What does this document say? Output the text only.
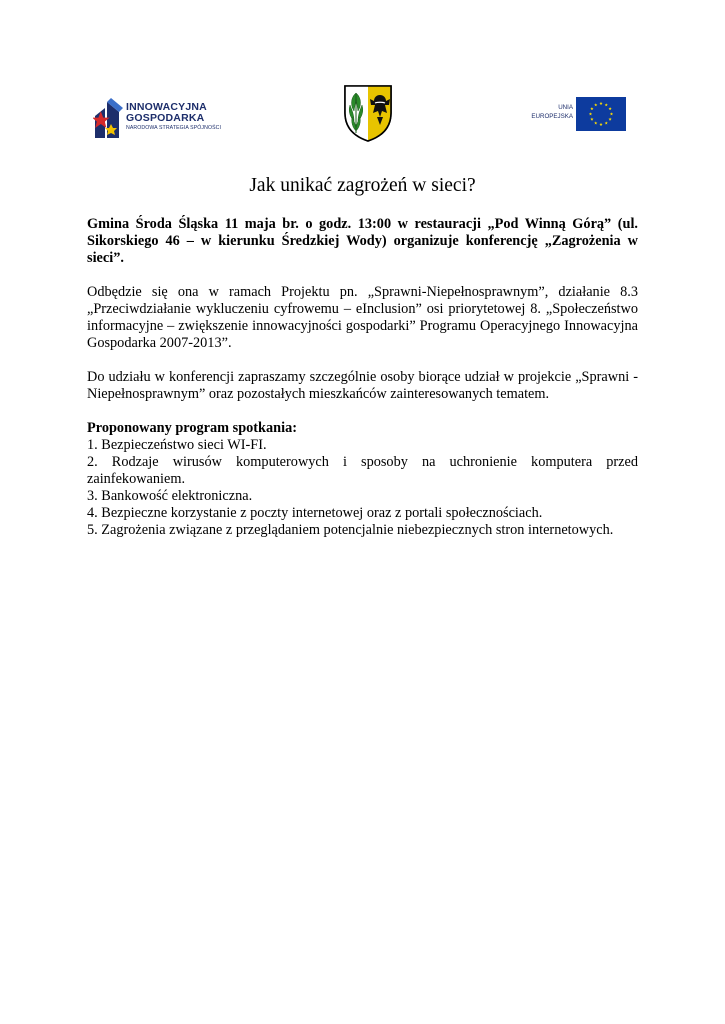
INNOWACYJNA
GOSPODARKA
NARODOWA STRATEGIA SPÓJNOŚCI
UNIA
EUROPEJSKA
Jak unikać zagrożeń w sieci?

Gmina Środa Śląska 11 maja br. o godz. 13:00 w restauracji „Pod Winną Górą” (ul. Sikorskiego 46 – w kierunku Średzkiej Wody) organizuje konferencję „Zagrożenia w sieci”.

Odbędzie się ona w ramach Projektu pn. „Sprawni-Niepełnosprawnym”, działanie 8.3 „Przeciwdziałanie wykluczeniu cyfrowemu – eInclusion” osi priorytetowej 8. „Społeczeństwo informacyjne – zwiększenie innowacyjności gospodarki” Programu Operacyjnego Innowacyjna Gospodarka 2007-2013”.

Do udziału w konferencji zapraszamy szczególnie osoby biorące udział w projekcie „Sprawni - Niepełnosprawnym” oraz pozostałych mieszkańców zainteresowanych tematem.

Proponowany program spotkania:
1. Bezpieczeństwo sieci WI-FI.
2. Rodzaje wirusów komputerowych i sposoby na uchronienie komputera przed zainfekowaniem.
3. Bankowość elektroniczna.
4. Bezpieczne korzystanie z poczty internetowej oraz z portali społecznościach.
5. Zagrożenia związane z przeglądaniem potencjalnie niebezpiecznych stron internetowych.
